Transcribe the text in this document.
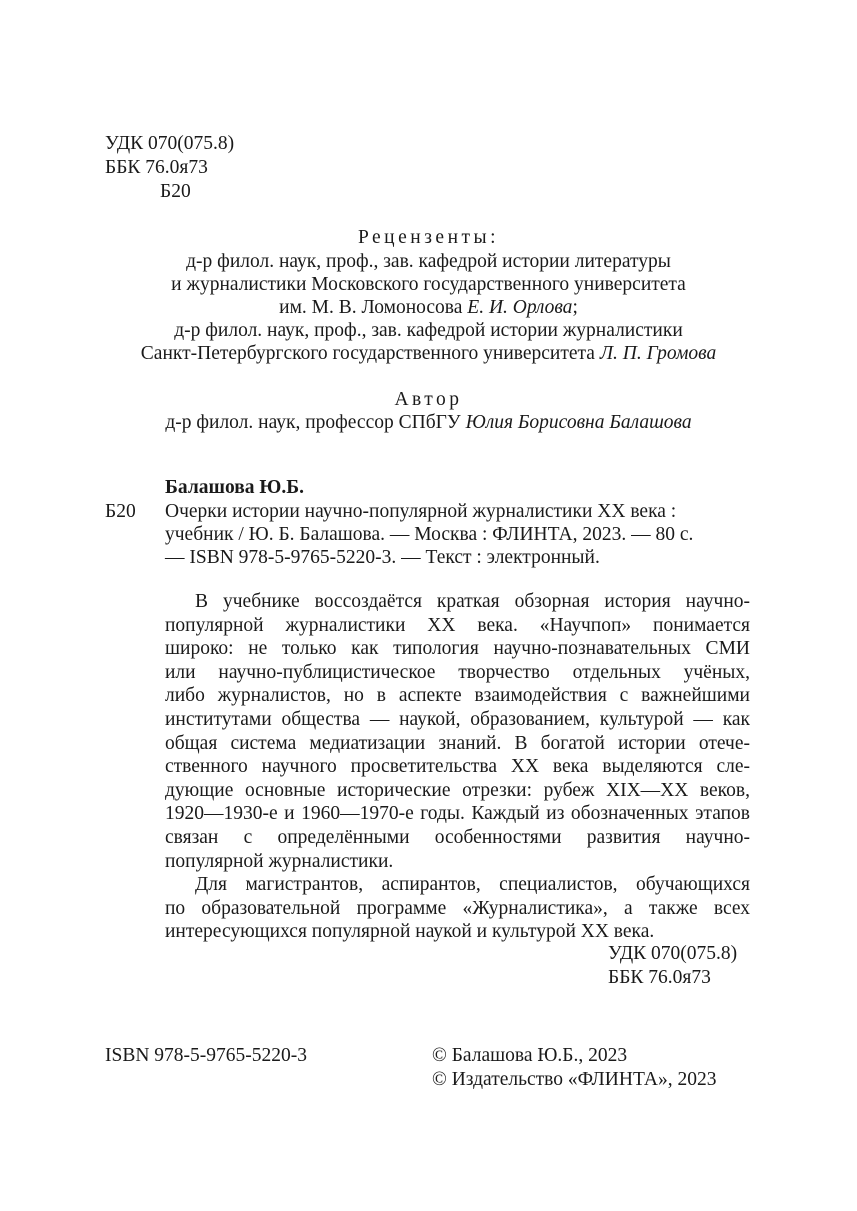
УДК 070(075.8)
ББК 76.0я73
Б20
Рецензенты:
д-р филол. наук, проф., зав. кафедрой истории литературы
и журналистики Московского государственного университета
им. М. В. Ломоносова Е. И. Орлова;
д-р филол. наук, проф., зав. кафедрой истории журналистики
Санкт-Петербургского государственного университета Л. П. Громова
Автор
д-р филол. наук, профессор СПбГУ Юлия Борисовна Балашова
Балашова Ю.Б.
Б20 Очерки истории научно-популярной журналистики XX века :
учебник / Ю. Б. Балашова. — Москва : ФЛИНТА, 2023. — 80 с.
— ISBN 978-5-9765-5220-3. — Текст : электронный.
В учебнике воссоздаётся краткая обзорная история научно-
популярной журналистики XX века. «Научпоп» понимается
широко: не только как типология научно-познавательных СМИ
или научно-публицистическое творчество отдельных учёных,
либо журналистов, но в аспекте взаимодействия с важнейшими
институтами общества — наукой, образованием, культурой — как
общая система медиатизации знаний. В богатой истории отече-
ственного научного просветительства XX века выделяются сле-
дующие основные исторические отрезки: рубеж XIX—XX веков,
1920—1930-е и 1960—1970-е годы. Каждый из обозначенных этапов
связан с определёнными особенностями развития научно-
популярной журналистики.
Для магистрантов, аспирантов, специалистов, обучающихся
по образовательной программе «Журналистика», а также всех
интересующихся популярной наукой и культурой XX века.
УДК 070(075.8)
ББК 76.0я73
ISBN 978-5-9765-5220-3	© Балашова Ю.Б., 2023
© Издательство «ФЛИНТА», 2023
